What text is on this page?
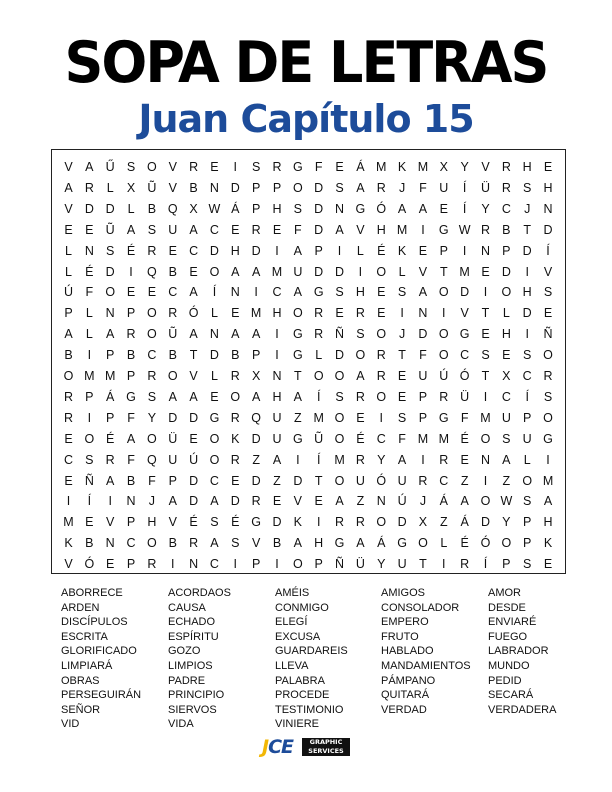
SOPA DE LETRAS
Juan Capítulo 15
V	A Ű S O V R E	I	S R G F	E	Á M K M X	Y	V R H E
A R	L	X Ũ V	B N D P	P O D S	A R	J	F	U	Í	Ü R S H
V D D	L	B Q X W Á	P H S D N G Ó A	A	E	Í	Y C	J	N
E	E Ũ A	S U A C E R E	F	D A	V H M	I	G W R B	T	D
L	N S	É R E C D H D	I	A	P	I	L	É	K	E	P	I	N P D	Í
L	É D	I	Q B	E O A	A M U D D	I	O	L	V	T M E D	I	V
Ú	F O E	E C A	Í	N	I	C A G S H E	S	A O D	I	O H S
P	L	N P O R Ó	L	E M H O R E R E	I	N	I	V	T	L	D E
A	L	A R O Ũ A N A	A	I	G R Ñ S O	J	D O G E H	I	Ñ
B	I	P	B C B	T	D B	P	I	G	L	D O R	T	F O C S	E	S O
O M M P R O V	L	R X N	T O O A R E U Ú Ó T	X C R
R P	Á G S	A	A	E O A H A	Í	S R O E	P R Ü	I	C	Í	S
R	I	P	F	Y D D G R Q U	Z M O E	I	S	P G F M U P O
E O É	A O Ü E O K D U G Ũ O É C	F M M É O S U G
C S R	F Q U Ú O R	Z	A	I	Í	M R Y	A	I	R E N A	L	I
E Ñ A	B	F	P D C E D	Z	D	T O U Ó U R C	Z	I	Z O M
I	Í	I	N	J	A D A D R E	V	E	A	Z	N Ú	J	Á	A O W S	A
M E	V	P H V	É	S	É G D K	I	R R O D X	Z	Á D Y	P H
K	B N C O B R A	S	V	B	A H G A	Á G O	L	É Ó O P	K
V Ó E	P R	I	N C	I	P	I	O P Ñ Ü Y U	T	I	R	Í	P	S	E
ABORRECE
ARDEN
DISCÍPULOS
ESCRITA
GLORIFICADO
LIMPIARÁ
OBRAS
PERSEGUIRÁN
SEÑOR
VID
ACORDAOS
CAUSA
ECHADO
ESPÍRITU
GOZO
LIMPIOS
PADRE
PRINCIPIO
SIERVOS
VIDA
AMÉIS
CONMIGO
ELEGÍ
EXCUSA
GUARDAREIS
LLEVA
PALABRA
PROCEDE
TESTIMONIO
VINIERE
AMIGOS
CONSOLADOR
EMPERO
FRUTO
HABLADO
MANDAMIENTOS
PÁMPANO
QUITARÁ
VERDAD
AMOR
DESDE
ENVIARÉ
FUEGO
LABRADOR
MUNDO
PEDID
SECARÁ
VERDADERA
JCE	GRAPHIC
SERVICES
